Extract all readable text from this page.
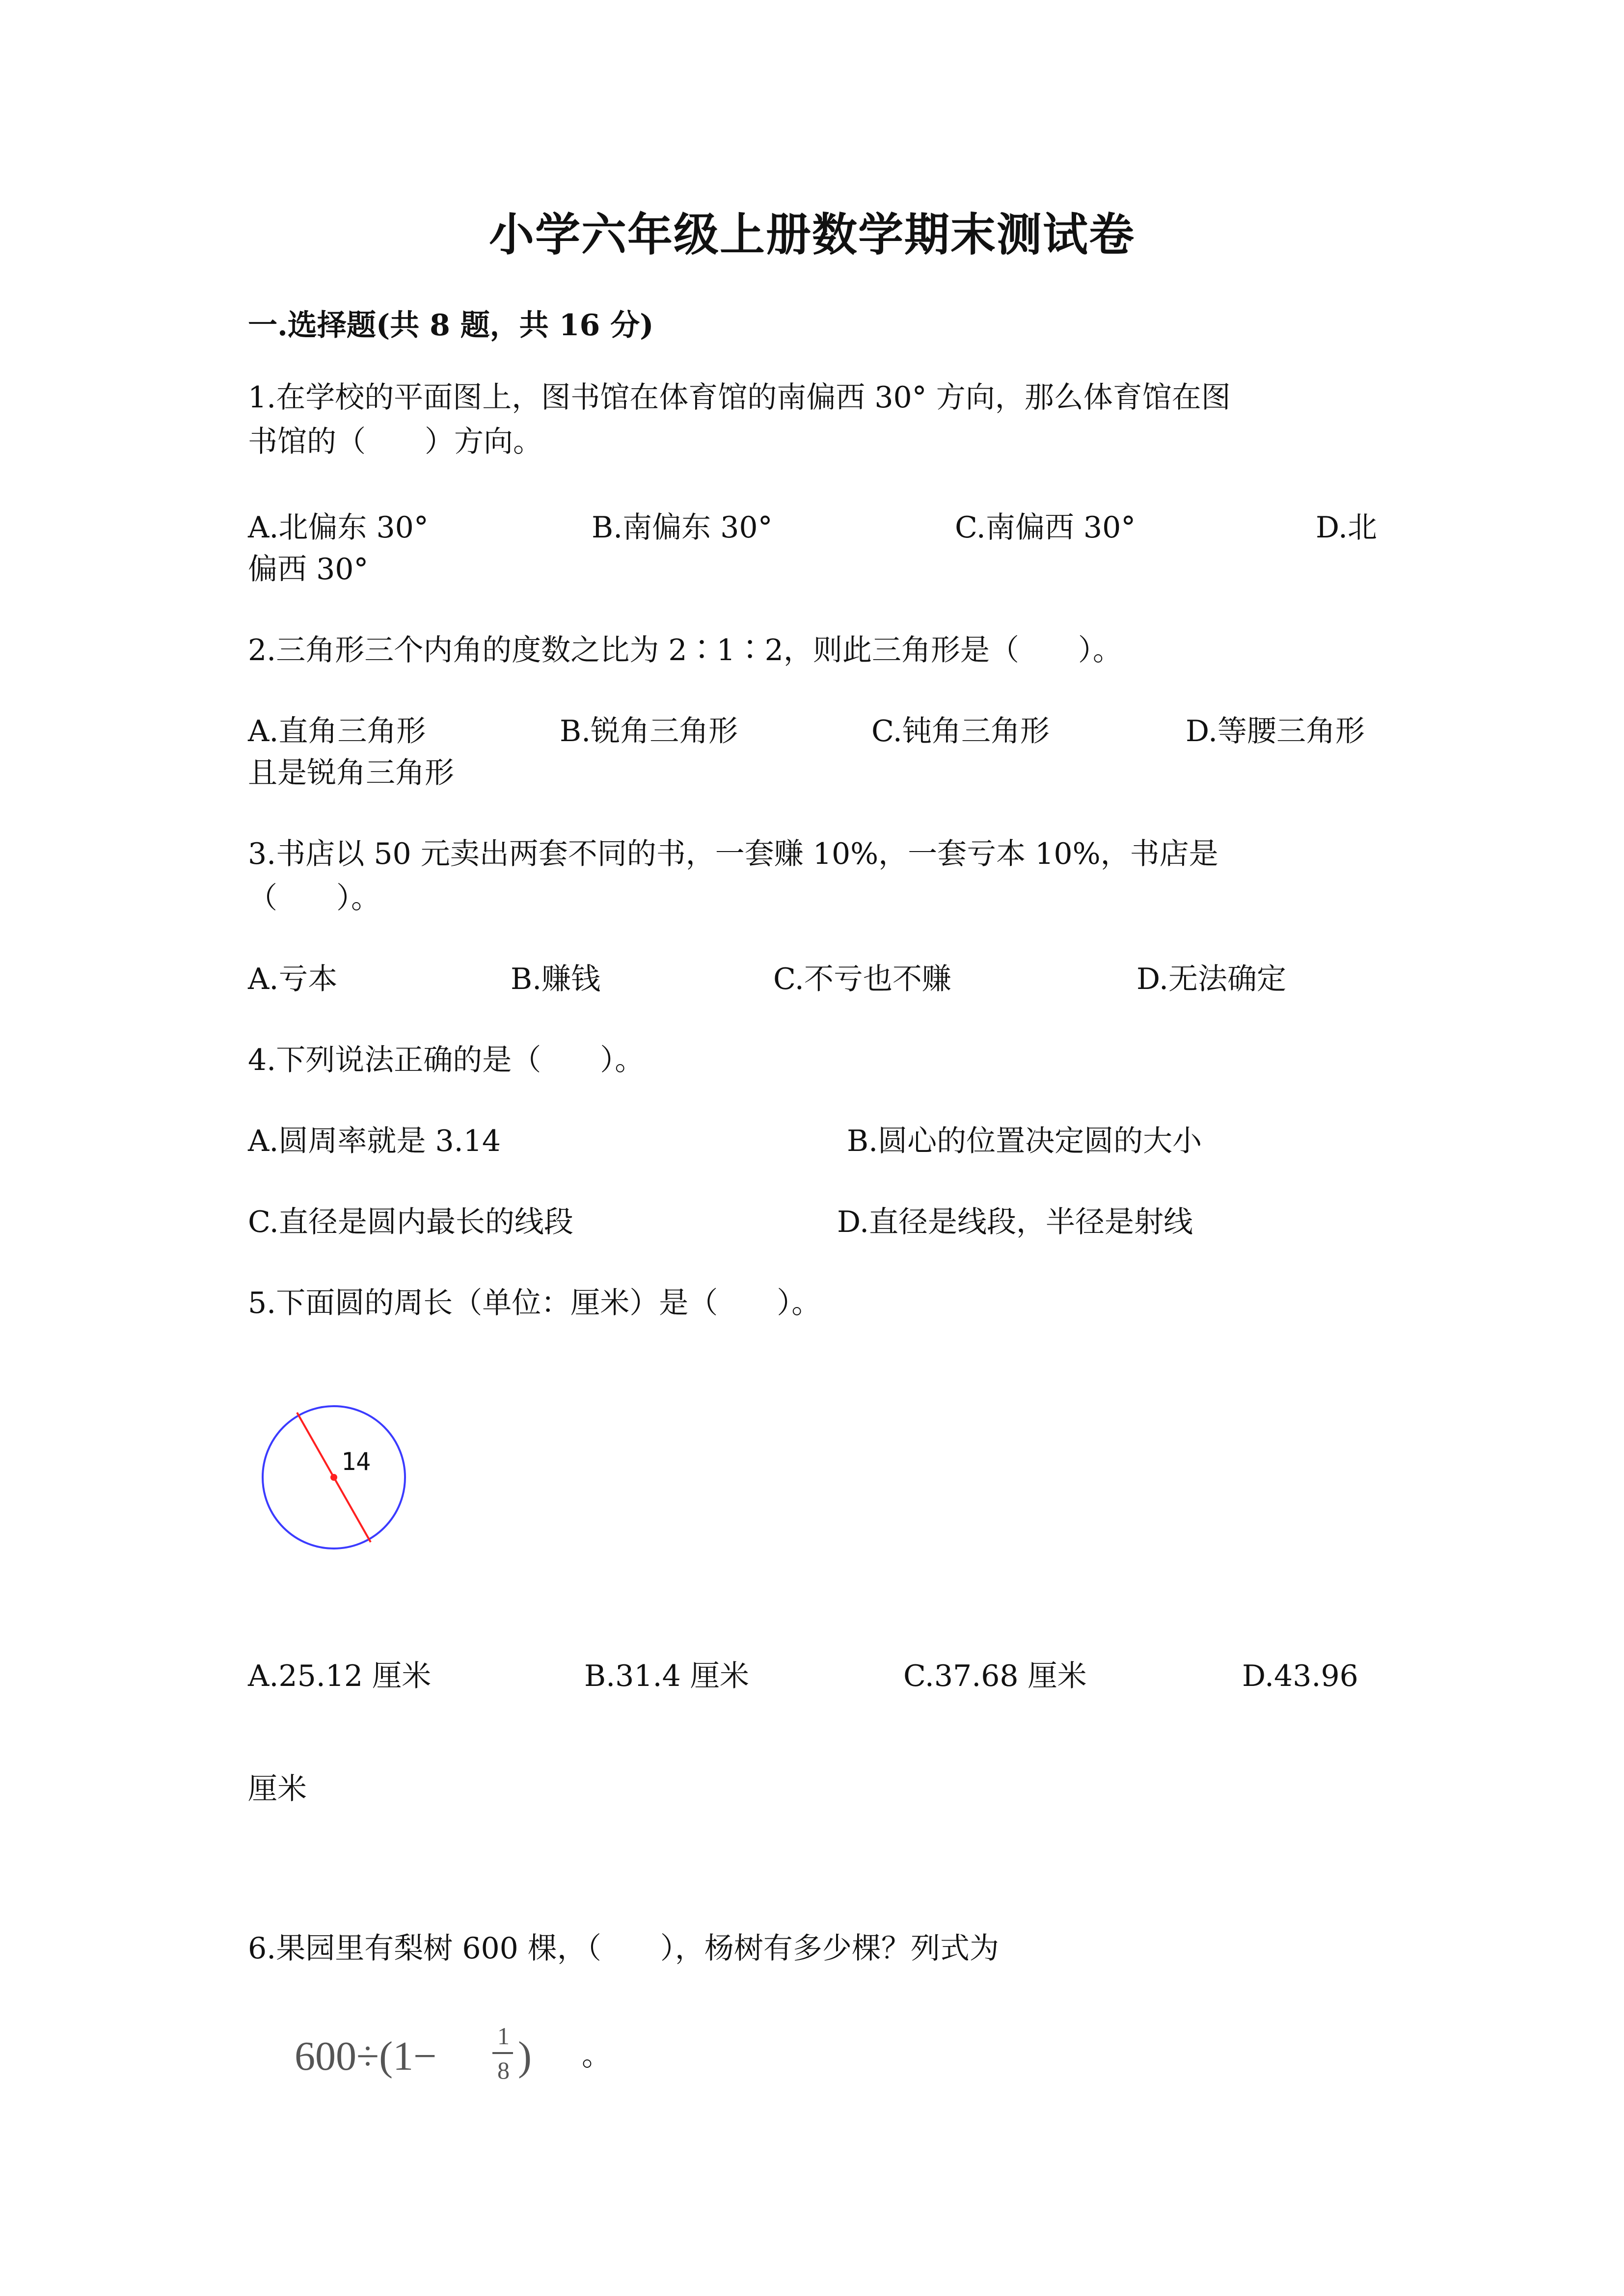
小学六年级上册数学期末测试卷
一.选择题(共 8 题，共 16 分)
1.在学校的平面图上，图书馆在体育馆的南偏西 30° 方向，那么体育馆在图
书馆的（　　）方向。
A.北偏东 30°	B.南偏东 30°	C.南偏西 30°	D.北
偏西 30°
2.三角形三个内角的度数之比为 2∶1∶2，则此三角形是（　　）。
A.直角三角形	B.锐角三角形	C.钝角三角形	D.等腰三角形
且是锐角三角形
3.书店以 50 元卖出两套不同的书，一套赚 10%，一套亏本 10%，书店是
（　　）。
A.亏本	B.赚钱	C.不亏也不赚	D.无法确定
4.下列说法正确的是（　　）。
A.圆周率就是 3.14	B.圆心的位置决定圆的大小
C.直径是圆内最长的线段	D.直径是线段，半径是射线
5.下面圆的周长（单位：厘米）是（　　）。
14
A.25.12 厘米	B.31.4 厘米	C.37.68 厘米	D.43.96
厘米
6.果园里有梨树 600 棵，（　　），杨树有多少棵？列式为
600÷(1− 1
8 ) 。
